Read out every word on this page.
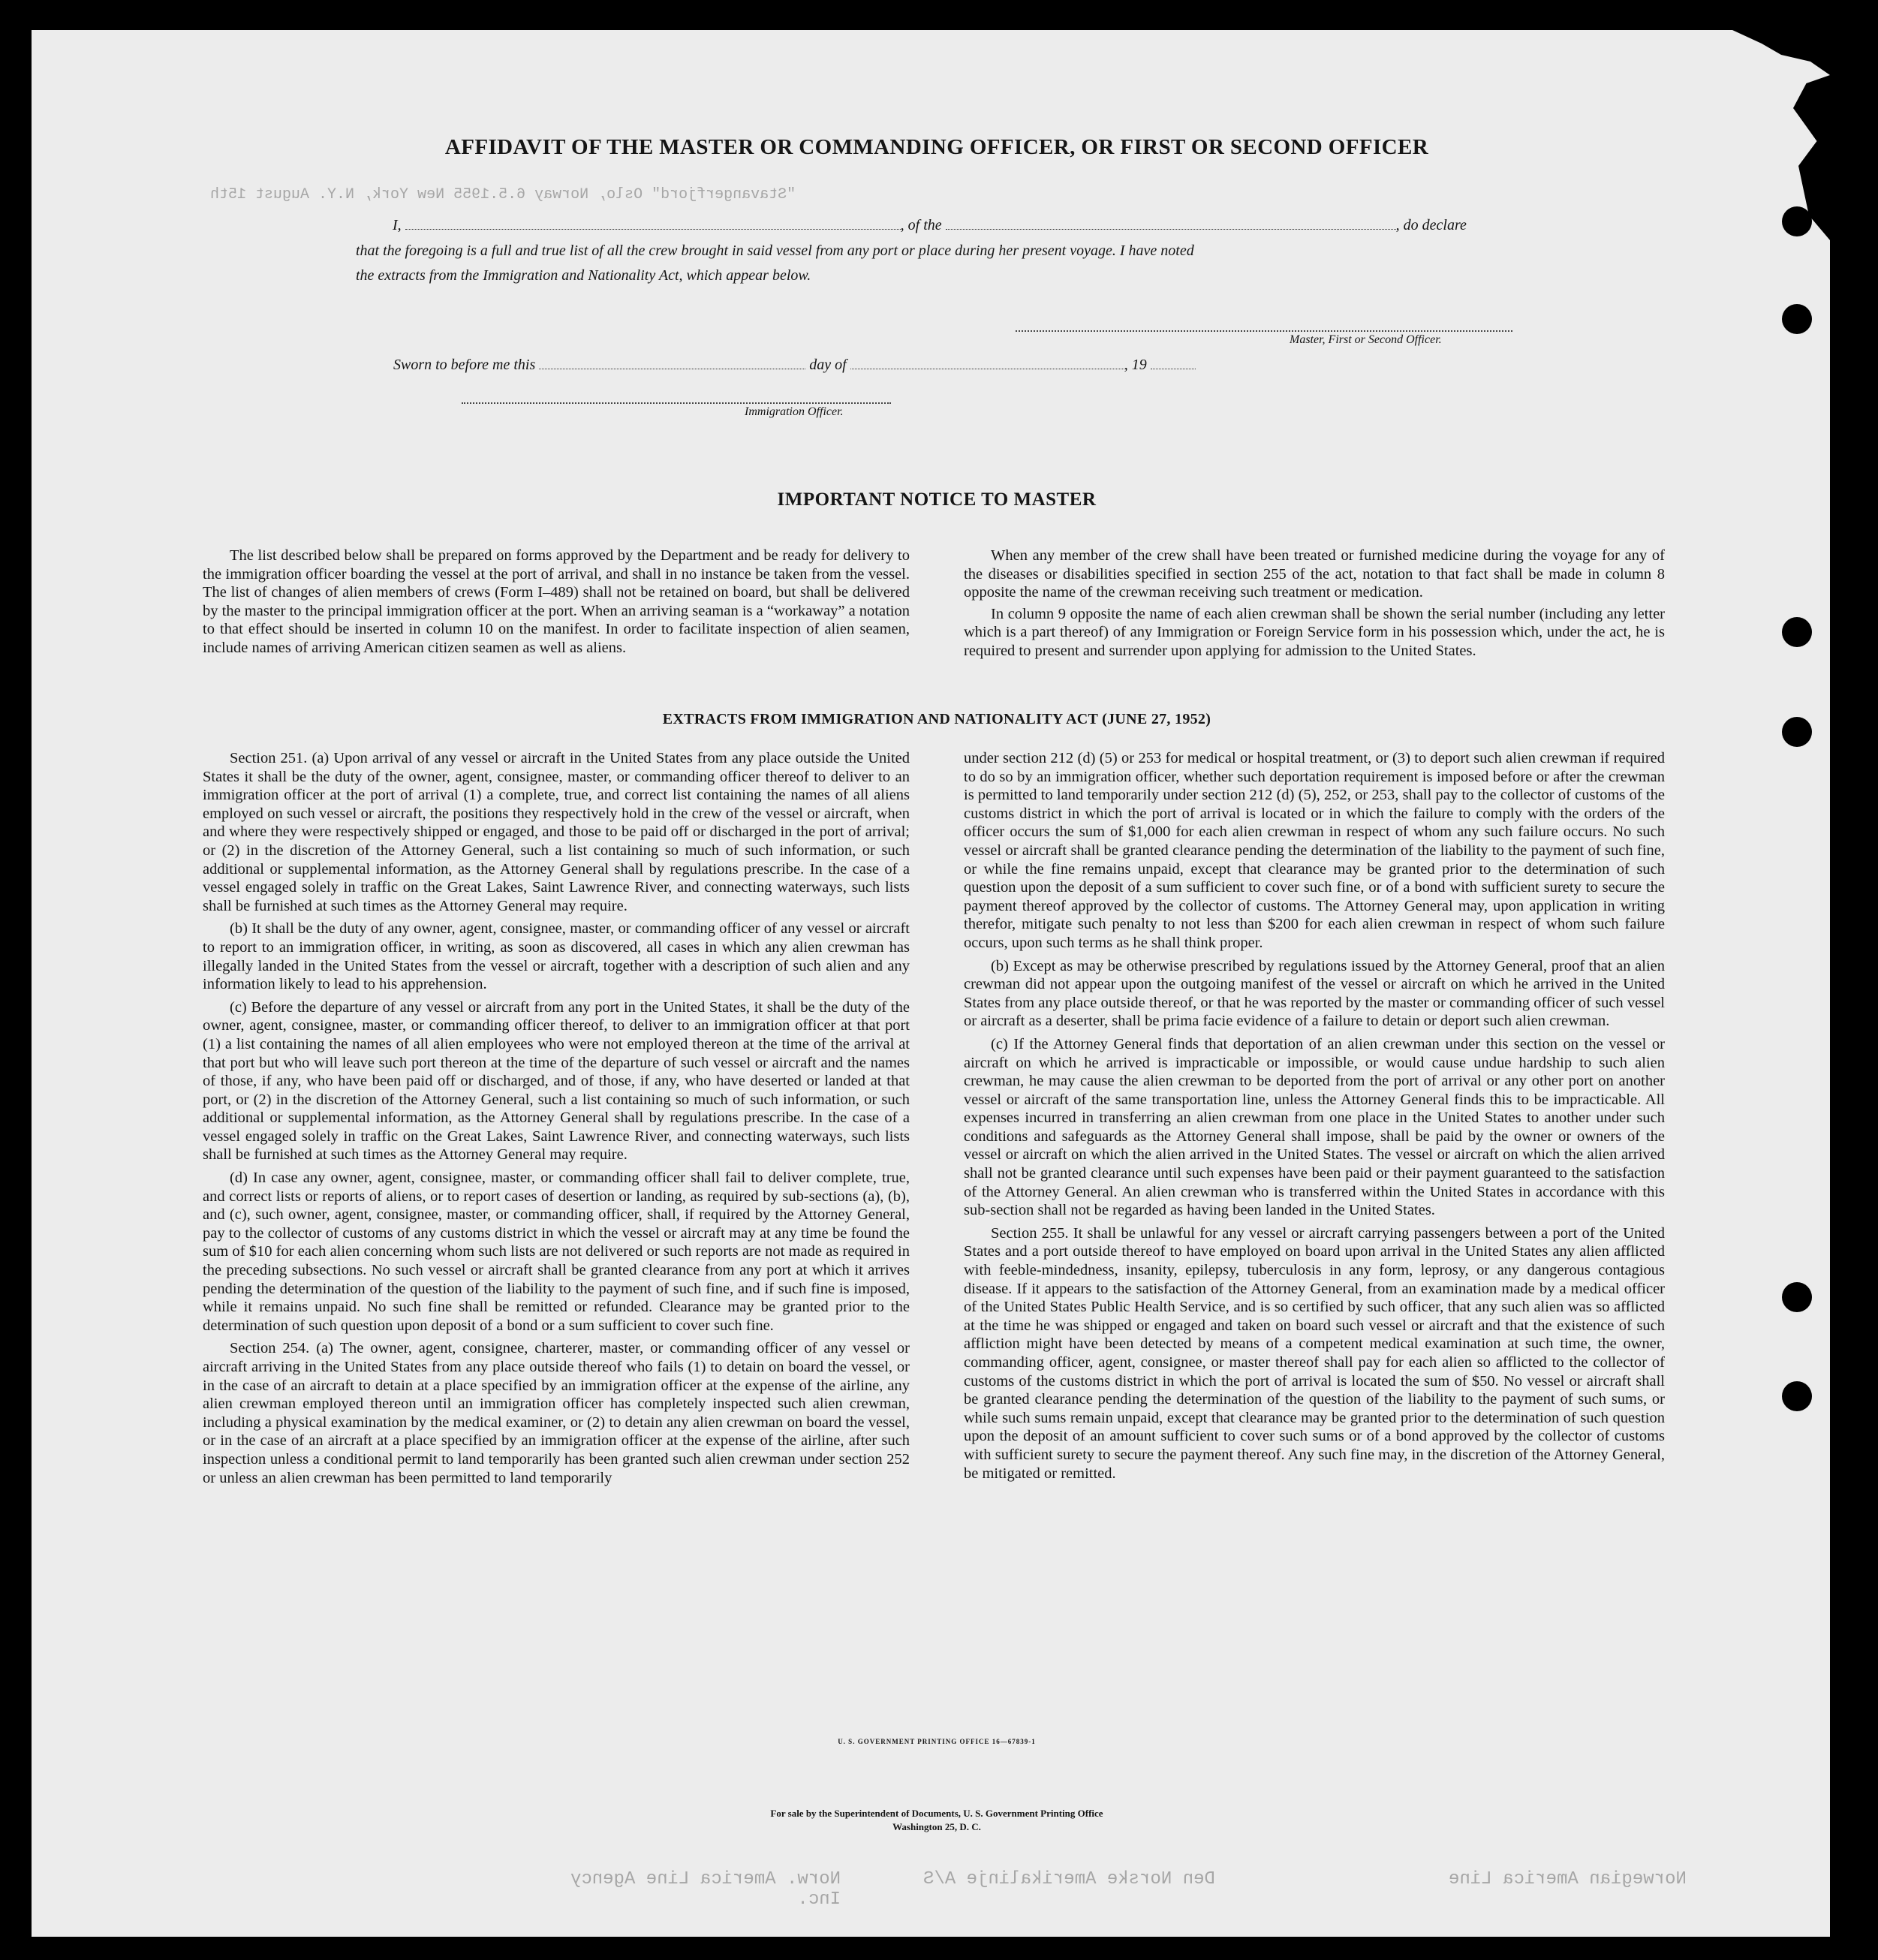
"Stavangerfjord" Oslo, Norway 6.5.1955 New York, N.Y. August 15th
Norwegian America Line
Den Norske Amerikalinje A/S
Norw. America Line Agency Inc.
AFFIDAVIT OF THE MASTER OR COMMANDING OFFICER, OR FIRST OR SECOND OFFICER
I,	, of the	, do declare
that the foregoing is a full and true list of all the crew brought in said vessel from any port or place during her present voyage. I have noted
the extracts from the Immigration and Nationality Act, which appear below.
Master, First or Second Officer.
Sworn to before me this	day of	, 19
Immigration Officer.
IMPORTANT NOTICE TO MASTER

The list described below shall be prepared on forms approved by the Department and be ready for delivery to the immigration officer boarding the vessel at the port of arrival, and shall in no instance be taken from the vessel. The list of changes of alien members of crews (Form I–489) shall not be retained on board, but shall be delivered by the master to the principal immigration officer at the port. When an arriving seaman is a “workaway” a notation to that effect should be inserted in column 10 on the manifest. In order to facilitate inspection of alien seamen, include names of arriving American citizen seamen as well as aliens.

When any member of the crew shall have been treated or furnished medicine during the voyage for any of the diseases or disabilities specified in section 255 of the act, notation to that fact shall be made in column 8 opposite the name of the crewman receiving such treatment or medication.

In column 9 opposite the name of each alien crewman shall be shown the serial number (including any letter which is a part thereof) of any Immigration or Foreign Service form in his possession which, under the act, he is required to present and surrender upon applying for admission to the United States.

EXTRACTS FROM IMMIGRATION AND NATIONALITY ACT (JUNE 27, 1952)

Section 251. (a) Upon arrival of any vessel or aircraft in the United States from any place outside the United States it shall be the duty of the owner, agent, consignee, master, or commanding officer thereof to deliver to an immigration officer at the port of arrival (1) a complete, true, and correct list containing the names of all aliens employed on such vessel or aircraft, the positions they respectively hold in the crew of the vessel or aircraft, when and where they were respectively shipped or engaged, and those to be paid off or discharged in the port of arrival; or (2) in the discretion of the Attorney General, such a list containing so much of such information, or such additional or supplemental information, as the Attorney General shall by regulations prescribe. In the case of a vessel engaged solely in traffic on the Great Lakes, Saint Lawrence River, and connecting waterways, such lists shall be furnished at such times as the Attorney General may require.

(b) It shall be the duty of any owner, agent, consignee, master, or commanding officer of any vessel or aircraft to report to an immigration officer, in writing, as soon as discovered, all cases in which any alien crewman has illegally landed in the United States from the vessel or aircraft, together with a description of such alien and any information likely to lead to his apprehension.

(c) Before the departure of any vessel or aircraft from any port in the United States, it shall be the duty of the owner, agent, consignee, master, or commanding officer thereof, to deliver to an immigration officer at that port (1) a list containing the names of all alien employees who were not employed thereon at the time of the arrival at that port but who will leave such port thereon at the time of the departure of such vessel or aircraft and the names of those, if any, who have been paid off or discharged, and of those, if any, who have deserted or landed at that port, or (2) in the discretion of the Attorney General, such a list containing so much of such information, or such additional or supplemental information, as the Attorney General shall by regulations prescribe. In the case of a vessel engaged solely in traffic on the Great Lakes, Saint Lawrence River, and connecting waterways, such lists shall be furnished at such times as the Attorney General may require.

(d) In case any owner, agent, consignee, master, or commanding officer shall fail to deliver complete, true, and correct lists or reports of aliens, or to report cases of desertion or landing, as required by sub-sections (a), (b), and (c), such owner, agent, consignee, master, or commanding officer, shall, if required by the Attorney General, pay to the collector of customs of any customs district in which the vessel or aircraft may at any time be found the sum of $10 for each alien concerning whom such lists are not delivered or such reports are not made as required in the preceding subsections. No such vessel or aircraft shall be granted clearance from any port at which it arrives pending the determination of the question of the liability to the payment of such fine, and if such fine is imposed, while it remains unpaid. No such fine shall be remitted or refunded. Clearance may be granted prior to the determination of such question upon deposit of a bond or a sum sufficient to cover such fine.

Section 254. (a) The owner, agent, consignee, charterer, master, or commanding officer of any vessel or aircraft arriving in the United States from any place outside thereof who fails (1) to detain on board the vessel, or in the case of an aircraft to detain at a place specified by an immigration officer at the expense of the airline, any alien crewman employed thereon until an immigration officer has completely inspected such alien crewman, including a physical examination by the medical examiner, or (2) to detain any alien crewman on board the vessel, or in the case of an aircraft at a place specified by an immigration officer at the expense of the airline, after such inspection unless a conditional permit to land temporarily has been granted such alien crewman under section 252 or unless an alien crewman has been permitted to land temporarily

under section 212 (d) (5) or 253 for medical or hospital treatment, or (3) to deport such alien crewman if required to do so by an immigration officer, whether such deportation requirement is imposed before or after the crewman is permitted to land temporarily under section 212 (d) (5), 252, or 253, shall pay to the collector of customs of the customs district in which the port of arrival is located or in which the failure to comply with the orders of the officer occurs the sum of $1,000 for each alien crewman in respect of whom any such failure occurs. No such vessel or aircraft shall be granted clearance pending the determination of the liability to the payment of such fine, or while the fine remains unpaid, except that clearance may be granted prior to the determination of such question upon the deposit of a sum sufficient to cover such fine, or of a bond with sufficient surety to secure the payment thereof approved by the collector of customs. The Attorney General may, upon application in writing therefor, mitigate such penalty to not less than $200 for each alien crewman in respect of whom such failure occurs, upon such terms as he shall think proper.

(b) Except as may be otherwise prescribed by regulations issued by the Attorney General, proof that an alien crewman did not appear upon the outgoing manifest of the vessel or aircraft on which he arrived in the United States from any place outside thereof, or that he was reported by the master or commanding officer of such vessel or aircraft as a deserter, shall be prima facie evidence of a failure to detain or deport such alien crewman.

(c) If the Attorney General finds that deportation of an alien crewman under this section on the vessel or aircraft on which he arrived is impracticable or impossible, or would cause undue hardship to such alien crewman, he may cause the alien crewman to be deported from the port of arrival or any other port on another vessel or aircraft of the same transportation line, unless the Attorney General finds this to be impracticable. All expenses incurred in transferring an alien crewman from one place in the United States to another under such conditions and safeguards as the Attorney General shall impose, shall be paid by the owner or owners of the vessel or aircraft on which the alien arrived in the United States. The vessel or aircraft on which the alien arrived shall not be granted clearance until such expenses have been paid or their payment guaranteed to the satisfaction of the Attorney General. An alien crewman who is transferred within the United States in accordance with this sub-section shall not be regarded as having been landed in the United States.

Section 255. It shall be unlawful for any vessel or aircraft carrying passengers between a port of the United States and a port outside thereof to have employed on board upon arrival in the United States any alien afflicted with feeble-mindedness, insanity, epilepsy, tuberculosis in any form, leprosy, or any dangerous contagious disease. If it appears to the satisfaction of the Attorney General, from an examination made by a medical officer of the United States Public Health Service, and is so certified by such officer, that any such alien was so afflicted at the time he was shipped or engaged and taken on board such vessel or aircraft and that the existence of such affliction might have been detected by means of a competent medical examination at such time, the owner, commanding officer, agent, consignee, or master thereof shall pay for each alien so afflicted to the collector of customs of the customs district in which the port of arrival is located the sum of $50. No vessel or aircraft shall be granted clearance pending the determination of the question of the liability to the payment of such sums, or while such sums remain unpaid, except that clearance may be granted prior to the determination of such question upon the deposit of an amount sufficient to cover such sums or of a bond approved by the collector of customs with sufficient surety to secure the payment thereof. Any such fine may, in the discretion of the Attorney General, be mitigated or remitted.

U. S. GOVERNMENT PRINTING OFFICE 16—67839-1
For sale by the Superintendent of Documents, U. S. Government Printing Office
Washington 25, D. C.
